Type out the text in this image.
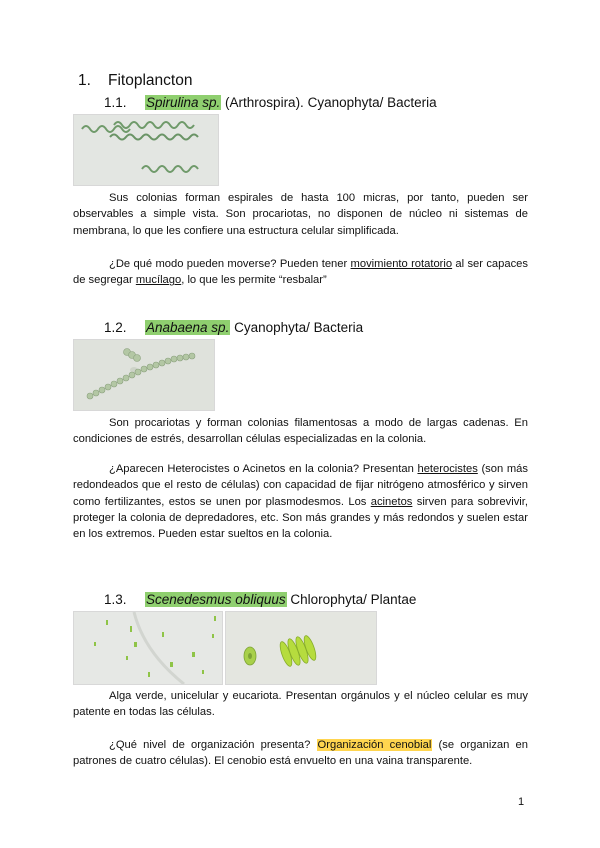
1. Fitoplancton
1.1. Spirulina sp. (Arthrospira). Cyanophyta/ Bacteria
Sus colonias forman espirales de hasta 100 micras, por tanto, pueden ser observables a simple vista. Son procariotas, no disponen de núcleo ni sistemas de membrana, lo que les confiere una estructura celular simplificada.
¿De qué modo pueden moverse? Pueden tener movimiento rotatorio al ser capaces de segregar mucílago, lo que les permite “resbalar”
1.2. Anabaena sp. Cyanophyta/ Bacteria
Son procariotas y forman colonias filamentosas a modo de largas cadenas. En condiciones de estrés, desarrollan células especializadas en la colonia.
¿Aparecen Heterocistes o Acinetos en la colonia? Presentan heterocistes (son más redondeados que el resto de células) con capacidad de fijar nitrógeno atmosférico y sirven como fertilizantes, estos se unen por plasmodesmos. Los acinetos sirven para sobrevivir, proteger la colonia de depredadores, etc. Son más grandes y más redondos y suelen estar en los extremos. Pueden estar sueltos en la colonia.
1.3. Scenedesmus obliquus Chlorophyta/ Plantae
Alga verde, unicelular y eucariota. Presentan orgánulos y el núcleo celular es muy patente en todas las células.
¿Qué nivel de organización presenta? Organización cenobial (se organizan en patrones de cuatro células). El cenobio está envuelto en una vaina transparente.
1
